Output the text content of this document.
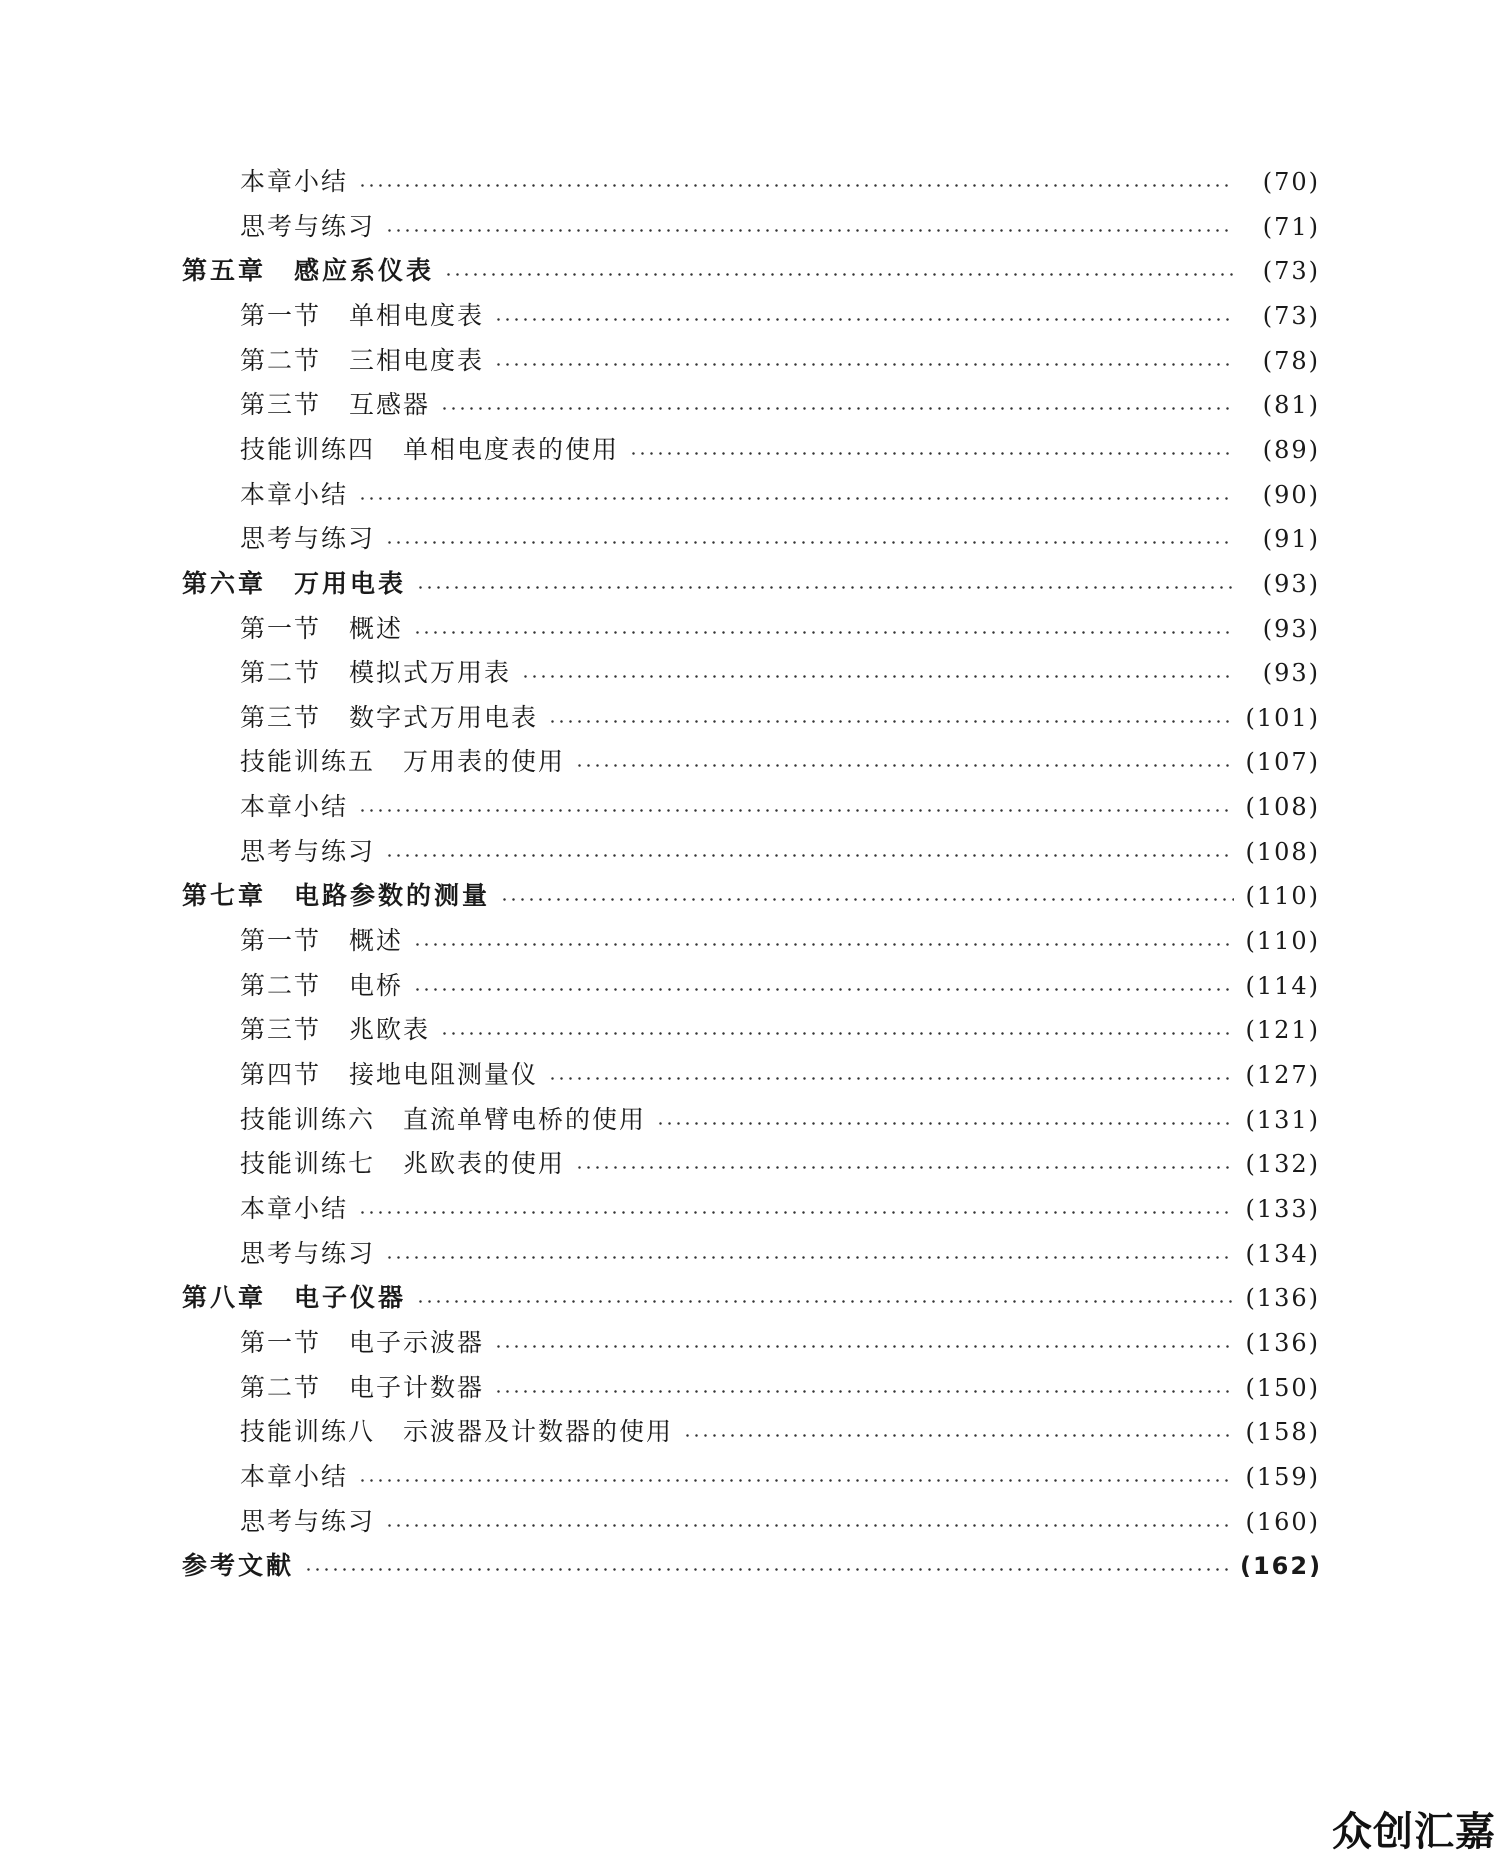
本章小结	(70)
思考与练习	(71)
第五章 感应系仪表	(73)
第一节 单相电度表	(73)
第二节 三相电度表	(78)
第三节 互感器	(81)
技能训练四 单相电度表的使用	(89)
本章小结	(90)
思考与练习	(91)
第六章 万用电表	(93)
第一节 概述	(93)
第二节 模拟式万用表	(93)
第三节 数字式万用电表	(101)
技能训练五 万用表的使用	(107)
本章小结	(108)
思考与练习	(108)
第七章 电路参数的测量	(110)
第一节 概述	(110)
第二节 电桥	(114)
第三节 兆欧表	(121)
第四节 接地电阻测量仪	(127)
技能训练六 直流单臂电桥的使用	(131)
技能训练七 兆欧表的使用	(132)
本章小结	(133)
思考与练习	(134)
第八章 电子仪器	(136)
第一节 电子示波器	(136)
第二节 电子计数器	(150)
技能训练八 示波器及计数器的使用	(158)
本章小结	(159)
思考与练习	(160)
参考文献	(162)
众创汇嘉
